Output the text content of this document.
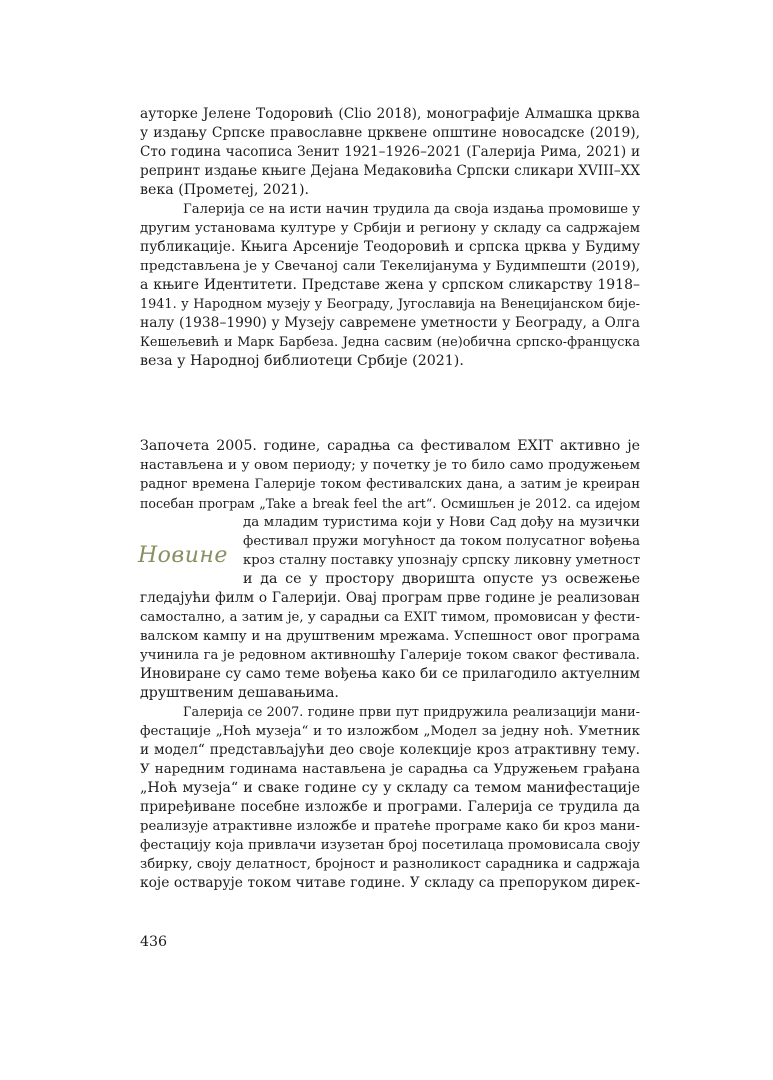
ауторке Јелене Тодоровић (Clio 2018), монографије Алмашка црква
у издању Српске православне црквене општине новосадске (2019),
Сто година часописа Зенит 1921–1926–2021 (Галерија Рима, 2021) и
репринт издање књиге Дејана Медаковића Српски сликари XVIII–XX
века (Прометеј, 2021).
Галерија се на исти начин трудила да своја издања промовише у
другим установама културе у Србији и региону у складу са садржајем
публикације. Књига Арсеније Теодоровић и српска црква у Будиму
представљена је у Свечаној сали Текелијанума у Будимпешти (2019),
а књиге Идентитети. Представе жена у српском сликарству 1918–
1941. у Народном музеју у Београду, Југославија на Венецијанском бије-
налу (1938–1990) у Музеју савремене уметности у Београду, а Олга
Кешељевић и Марк Барбеза. Једна сасвим (не)обична српско-француска
веза у Народној библиотеци Србије (2021).
Новине
Започета 2005. године, сарадња са фестивалом EXIT активно је
настављена и у овом периоду; у почетку је то било само продужењем
радног времена Галерије током фестивалских дана, а затим је креиран
посебан програм „Take a break feel the art“. Осмишљен је 2012. са идејом
да младим туристима који у Нови Сад дођу на музички
фестивал пружи могућност да током полусатног вођења
кроз сталну поставку упознају српску ликовну уметност
и да се у простору дворишта опусте уз освежење
гледајући филм о Галерији. Овај програм прве године је реализован
самостално, а затим је, у сарадњи са EXIT тимом, промовисан у фести-
валском кампу и на друштвеним мрежама. Успешност овог програма
учинила га је редовном активношћу Галерије током сваког фестивала.
Иновиране су само теме вођења како би се прилагодило актуелним
друштвеним дешавањима.
Галерија се 2007. године први пут придружила реализацији мани-
фестације „Ноћ музеја“ и то изложбом „Модел за једну ноћ. Уметник
и модел“ представљајући део своје колекције кроз атрактивну тему.
У наредним годинама настављена је сарадња са Удружењем грађана
„Ноћ музеја“ и сваке године су у складу са темом манифестације
приређиване посебне изложбе и програми. Галерија се трудила да
реализује атрактивне изложбе и пратеће програме како би кроз мани-
фестацију која привлачи изузетан број посетилаца промовисала своју
збирку, своју делатност, бројност и разноликост сарадника и садржаја
које остварује током читаве године. У складу са препоруком дирек-
436
